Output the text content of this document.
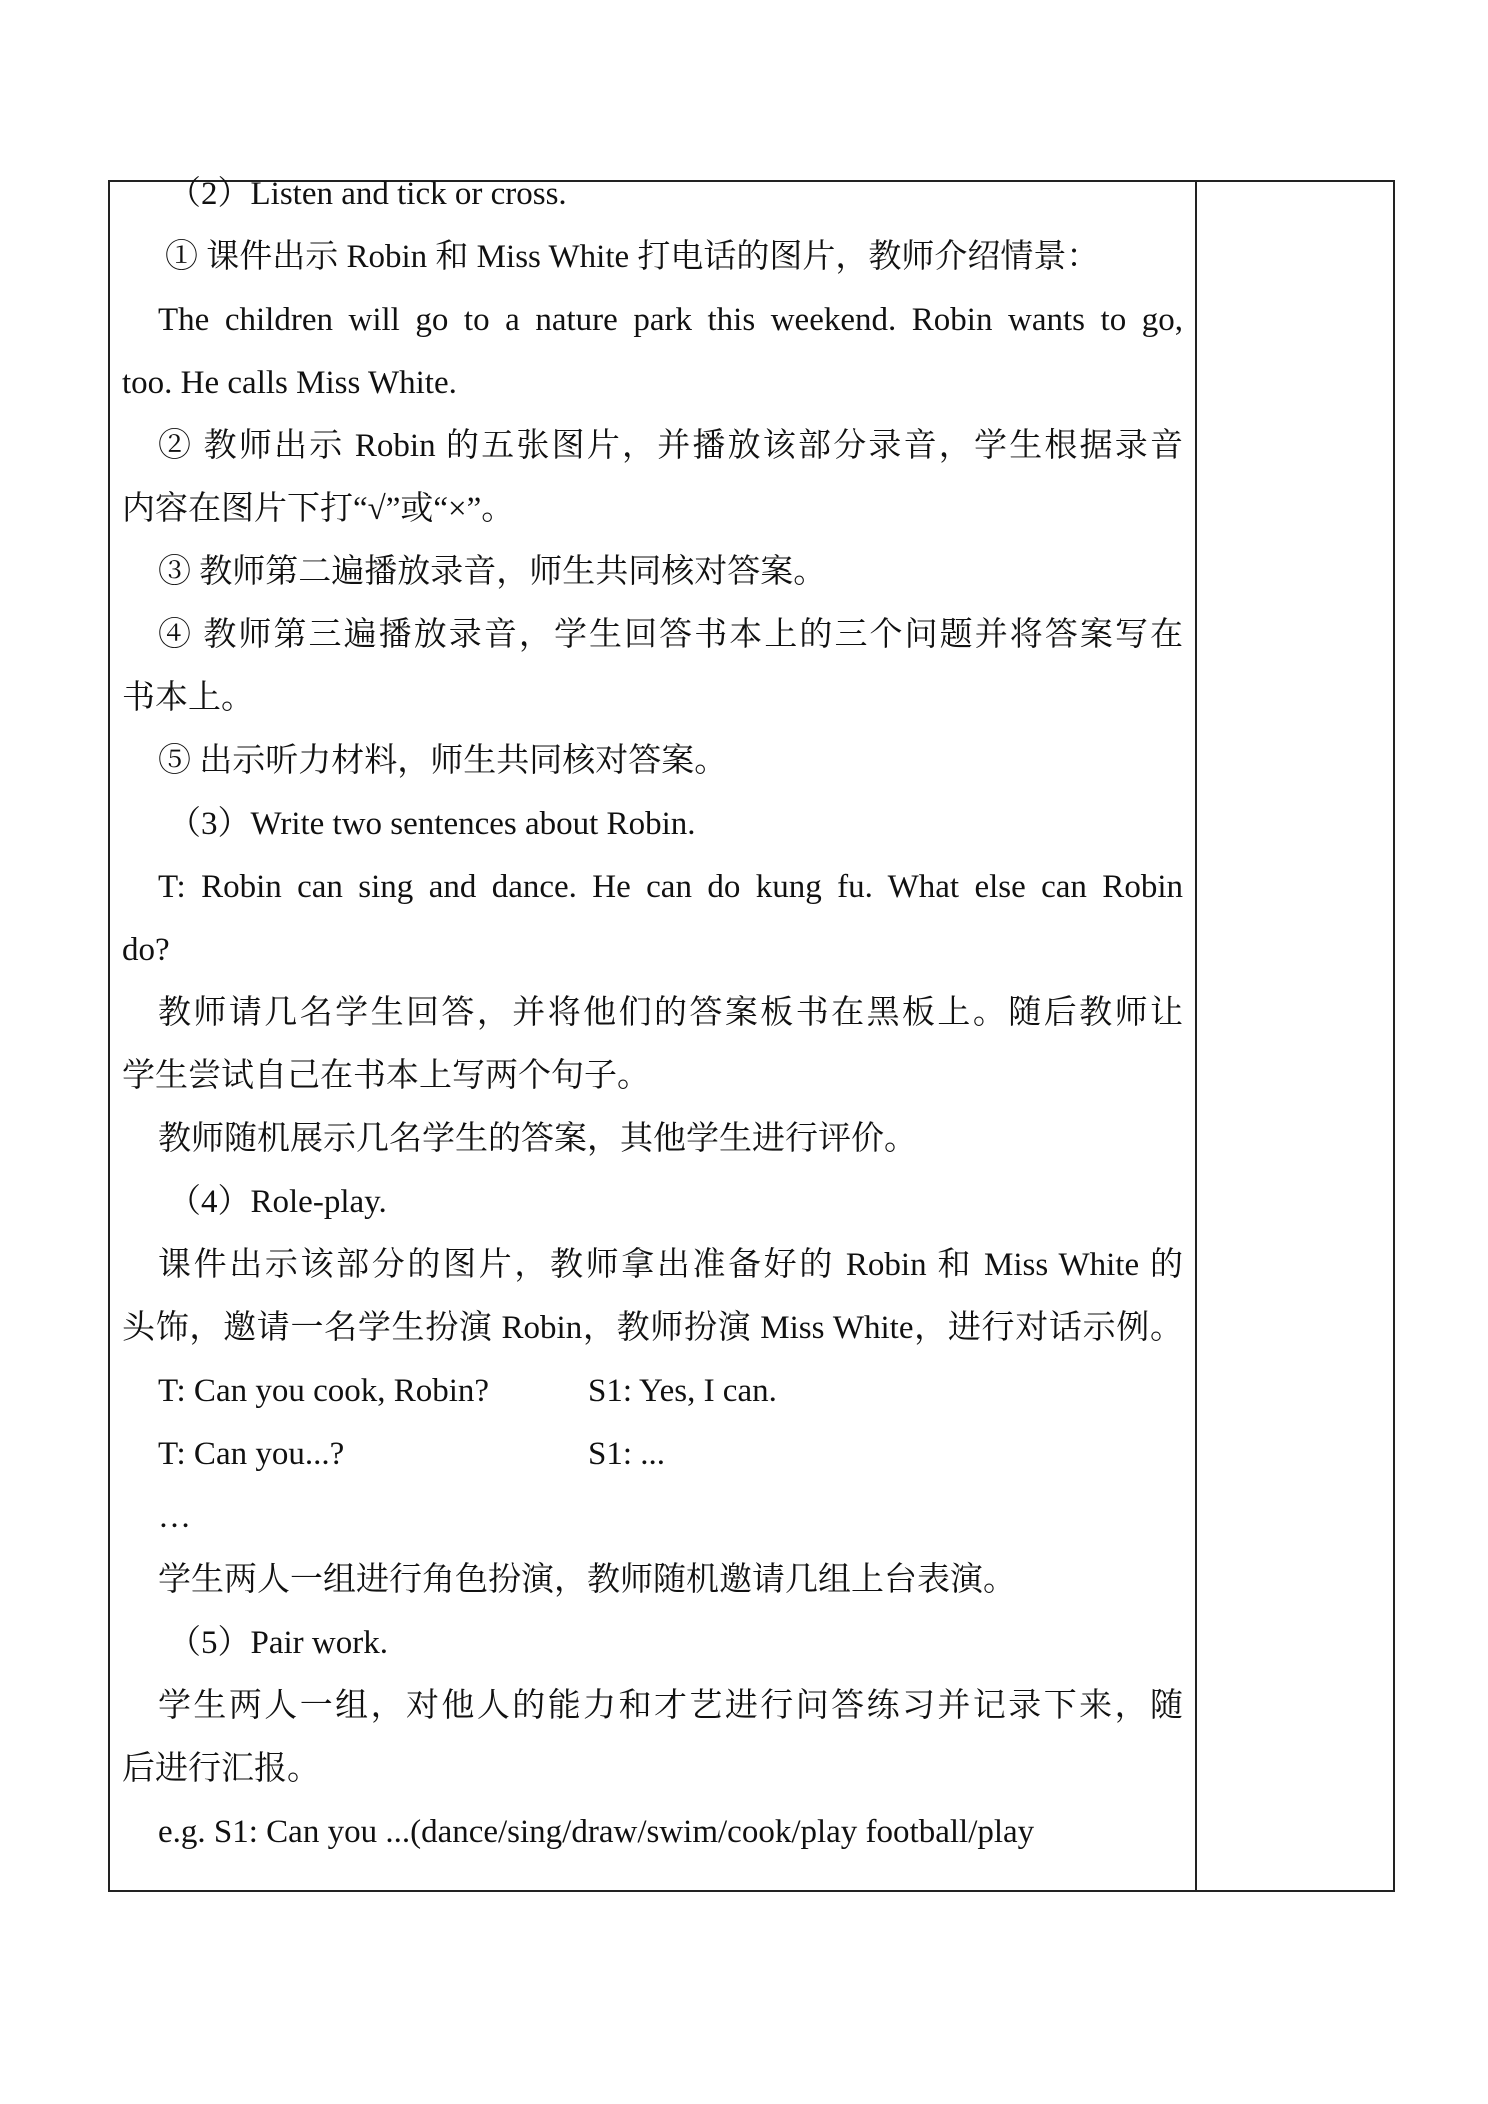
（2）Listen and tick or cross.
① 课件出示 Robin 和 Miss White 打电话的图片，教师介绍情景：
The children will go to a nature park this weekend. Robin wants to go,
too. He calls Miss White.
② 教师出示 Robin 的五张图片，并播放该部分录音，学生根据录音
内容在图片下打“√”或“×”。
③ 教师第二遍播放录音，师生共同核对答案。
④ 教师第三遍播放录音，学生回答书本上的三个问题并将答案写在
书本上。
⑤ 出示听力材料，师生共同核对答案。
（3）Write two sentences about Robin.
T: Robin can sing and dance. He can do kung fu. What else can Robin
do?
教师请几名学生回答，并将他们的答案板书在黑板上。随后教师让
学生尝试自己在书本上写两个句子。
教师随机展示几名学生的答案，其他学生进行评价。
（4）Role-play.
课件出示该部分的图片，教师拿出准备好的 Robin 和 Miss White 的
头饰，邀请一名学生扮演 Robin，教师扮演 Miss White，进行对话示例。
T: Can you cook, Robin?	S1: Yes, I can.
T: Can you...?	S1: ...
…
学生两人一组进行角色扮演，教师随机邀请几组上台表演。
（5）Pair work.
学生两人一组，对他人的能力和才艺进行问答练习并记录下来，随
后进行汇报。
e.g. S1: Can you ...(dance/sing/draw/swim/cook/play football/play
